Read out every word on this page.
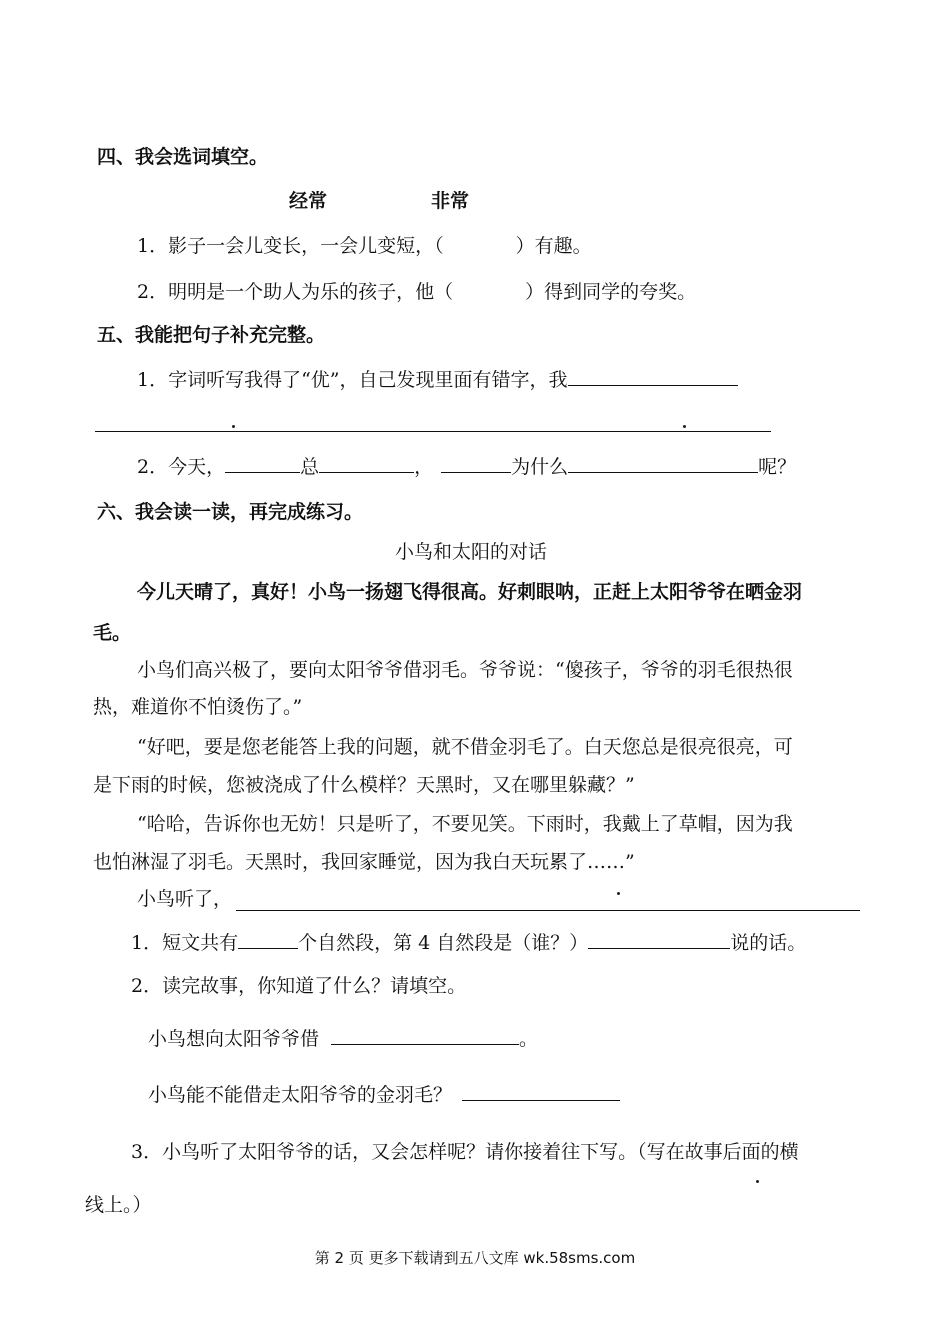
四、我会选词填空。
经常	非常
1．影子一会儿变长，一会儿变短，（	）有趣。
2．明明是一个助人为乐的孩子，他（	）得到同学的夸奖。
五、我能把句子补充完整。
1．字词听写我得了“优”，自己发现里面有错字，我
2．今天，	总	，	为什么	呢？
六、我会读一读，再完成练习。
小鸟和太阳的对话
今儿天晴了，真好！小鸟一扬翅飞得很高。好刺眼呐，正赶上太阳爷爷在晒金羽
毛。
小鸟们高兴极了，要向太阳爷爷借羽毛。爷爷说：“傻孩子，爷爷的羽毛很热很
热，难道你不怕烫伤了。”
“好吧，要是您老能答上我的问题，就不借金羽毛了。白天您总是很亮很亮，可
是下雨的时候，您被浇成了什么模样？天黑时，又在哪里躲藏？”
“哈哈，告诉你也无妨！只是听了，不要见笑。下雨时，我戴上了草帽，因为我
也怕淋湿了羽毛。天黑时，我回家睡觉，因为我白天玩累了……”
小鸟听了，
1．短文共有	个自然段，第 4 自然段是（谁？）	说的话。
2．读完故事，你知道了什么？请填空。
小鸟想向太阳爷爷借	。
小鸟能不能借走太阳爷爷的金羽毛？
3．小鸟听了太阳爷爷的话，又会怎样呢？请你接着往下写。（写在故事后面的横
线上。）
第 2 页 更多下载请到五八文库 wk.58sms.com
